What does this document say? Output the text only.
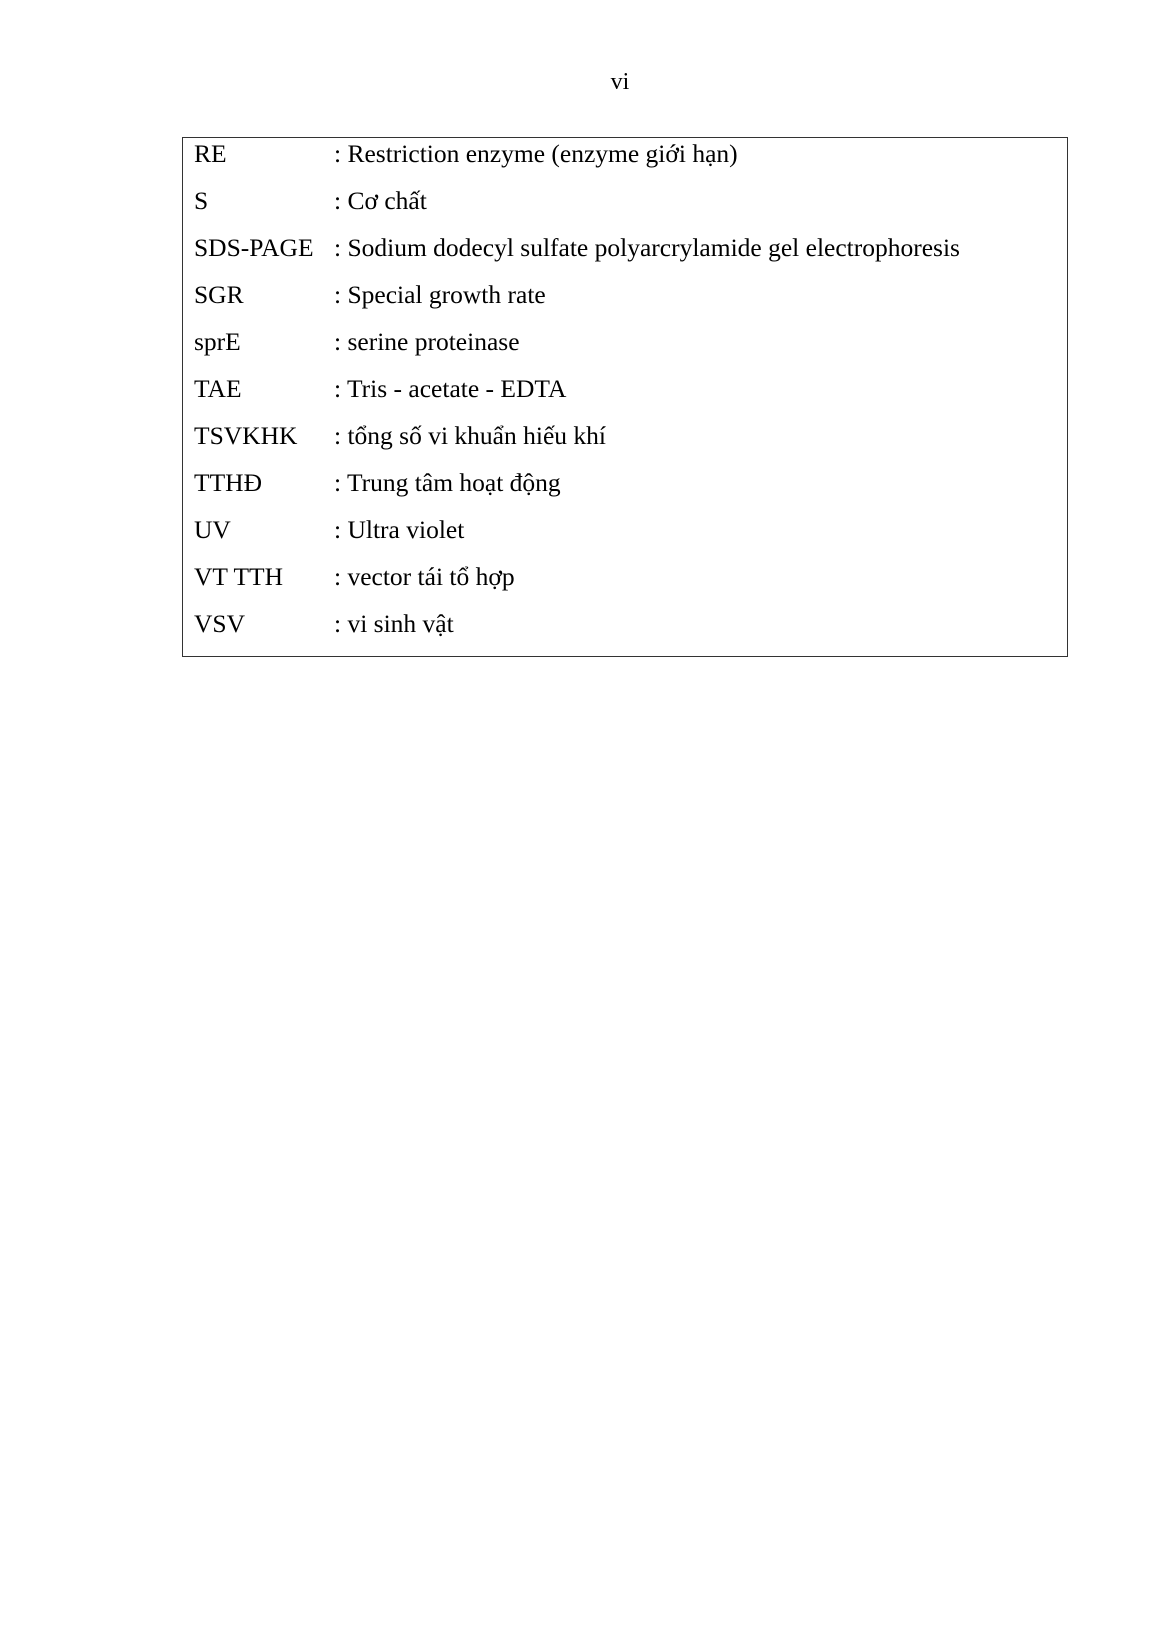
vi
RE	: Restriction enzyme (enzyme giới hạn)
S	: Cơ chất
SDS-PAGE : Sodium dodecyl sulfate polyarcrylamide gel electrophoresis
SGR	: Special growth rate
sprE	: serine proteinase
TAE	: Tris - acetate - EDTA
TSVKHK : tổng số vi khuẩn hiếu khí
TTHĐ	: Trung tâm hoạt động
UV	: Ultra violet
VT TTH : vector tái tổ hợp
VSV	: vi sinh vật
